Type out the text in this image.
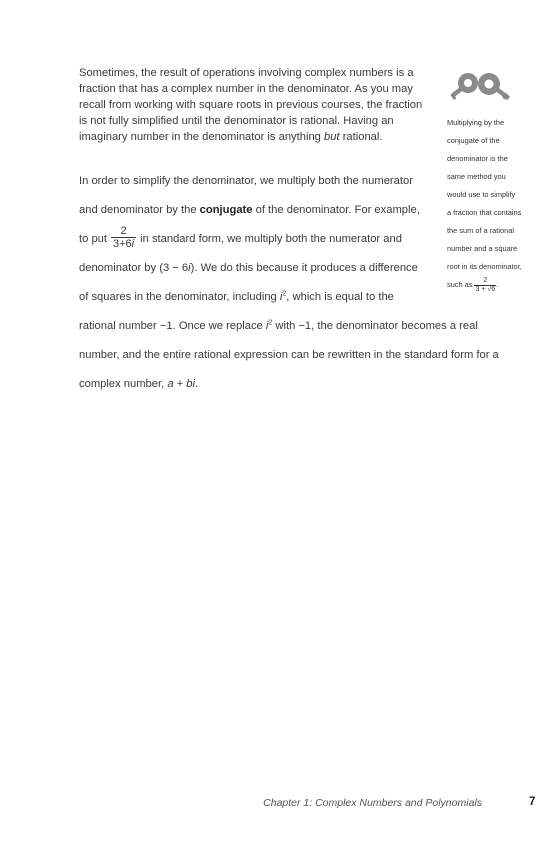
Sometimes, the result of operations involving complex numbers is a
fraction that has a complex number in the denominator. As you may
recall from working with square roots in previous courses, the fraction
is not fully simplified until the denominator is rational. Having an
imaginary number in the denominator is anything but rational.

In order to simplify the denominator, we multiply both the numerator
and denominator by the conjugate of the denominator. For example,
to put $\frac{2}{3+6i}$ in standard form, we multiply both the numerator and
denominator by (3 − 6i). We do this because it produces a difference
of squares in the denominator, including $i^2$, which is equal to the
rational number −1. Once we replace $i^2$ with −1, the denominator becomes a real
number, and the entire rational expression can be rewritten in the standard form for a
complex number, a + bi.

Multiplying by the
conjugate of the
denominator is the
same method you
would use to simplify
a fraction that contains
the sum of a rational
number and a square
root in its denominator,
such as $\frac{2}{3 + √6}$ .
Chapter 1: Complex Numbers and Polynomials	7
